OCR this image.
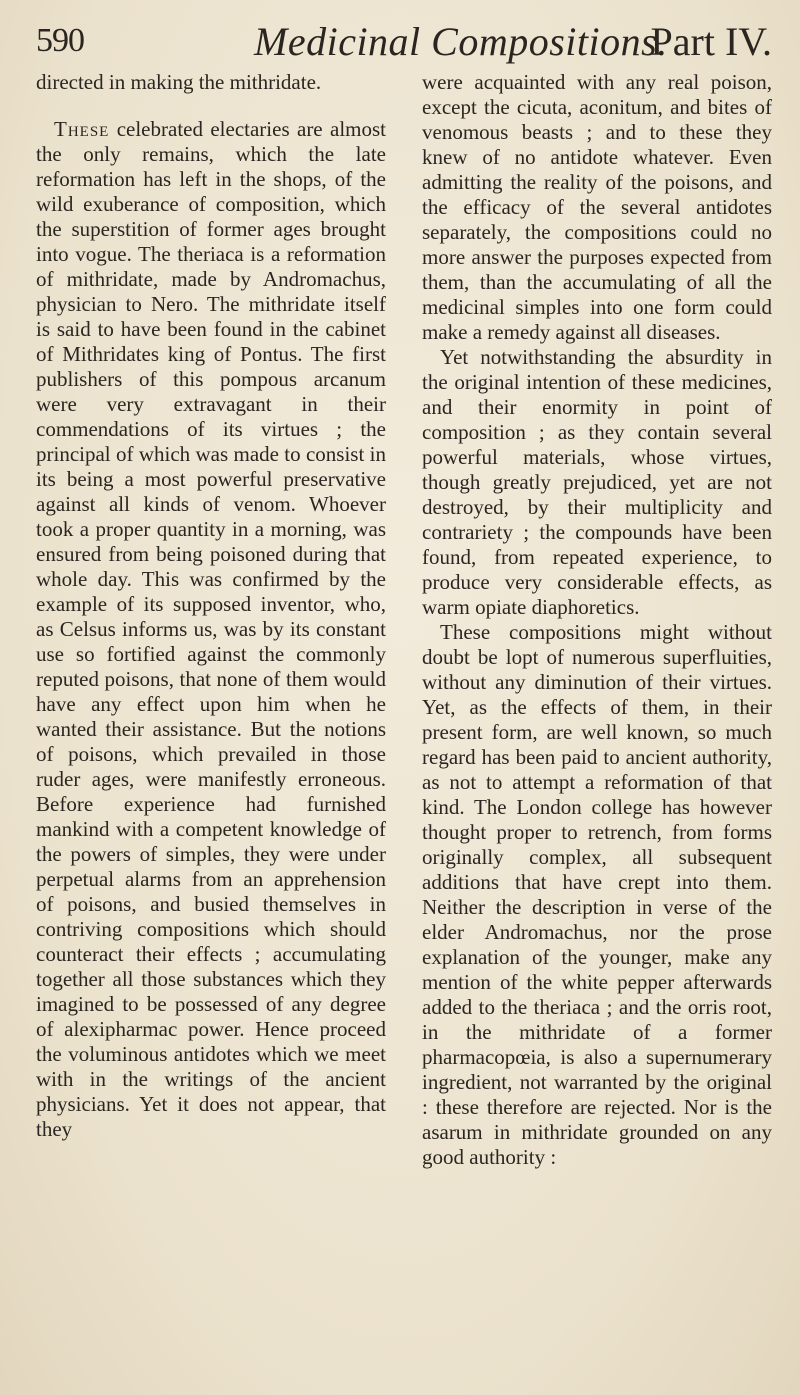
590	Medicinal Compositions.
Part IV.

directed in making the mithridate.

These celebrated electaries are almost the only remains, which the late reformation has left in the shops, of the wild exuberance of composition, which the superstition of former ages brought into vogue. The theriaca is a reformation of mithridate, made by Andromachus, physician to Nero. The mithridate itself is said to have been found in the cabinet of Mithridates king of Pontus. The first publishers of this pompous arcanum were very extravagant in their commendations of its virtues ; the principal of which was made to consist in its being a most powerful preservative against all kinds of venom. Whoever took a proper quantity in a morning, was ensured from being poisoned during that whole day. This was confirmed by the example of its supposed inventor, who, as Celsus informs us, was by its constant use so fortified against the commonly reputed poisons, that none of them would have any effect upon him when he wanted their assistance. But the notions of poisons, which prevailed in those ruder ages, were manifestly erroneous. Before experience had furnished mankind with a competent knowledge of the powers of simples, they were under perpetual alarms from an apprehension of poisons, and busied themselves in contriving compositions which should counteract their effects ; accumulating together all those substances which they imagined to be possessed of any degree of alexipharmac power. Hence proceed the voluminous antidotes which we meet with in the writings of the ancient physicians. Yet it does not appear, that they

were acquainted with any real poison, except the cicuta, aconitum, and bites of venomous beasts ; and to these they knew of no antidote whatever. Even admitting the reality of the poisons, and the efficacy of the several antidotes separately, the compositions could no more answer the purposes expected from them, than the accumulating of all the medicinal simples into one form could make a remedy against all diseases.

Yet notwithstanding the absurdity in the original intention of these medicines, and their enormity in point of composition ; as they contain several powerful materials, whose virtues, though greatly prejudiced, yet are not destroyed, by their multiplicity and contrariety ; the compounds have been found, from repeated experience, to produce very considerable effects, as warm opiate diaphoretics.

These compositions might without doubt be lopt of numerous superfluities, without any diminution of their virtues. Yet, as the effects of them, in their present form, are well known, so much regard has been paid to ancient authority, as not to attempt a reformation of that kind. The London college has however thought proper to retrench, from forms originally complex, all subsequent additions that have crept into them. Neither the description in verse of the elder Andromachus, nor the prose explanation of the younger, make any mention of the white pepper afterwards added to the theriaca ; and the orris root, in the mithridate of a former pharmacopœia, is also a supernumerary ingredient, not warranted by the original : these therefore are rejected. Nor is the asarum in mithridate grounded on any good authority :
